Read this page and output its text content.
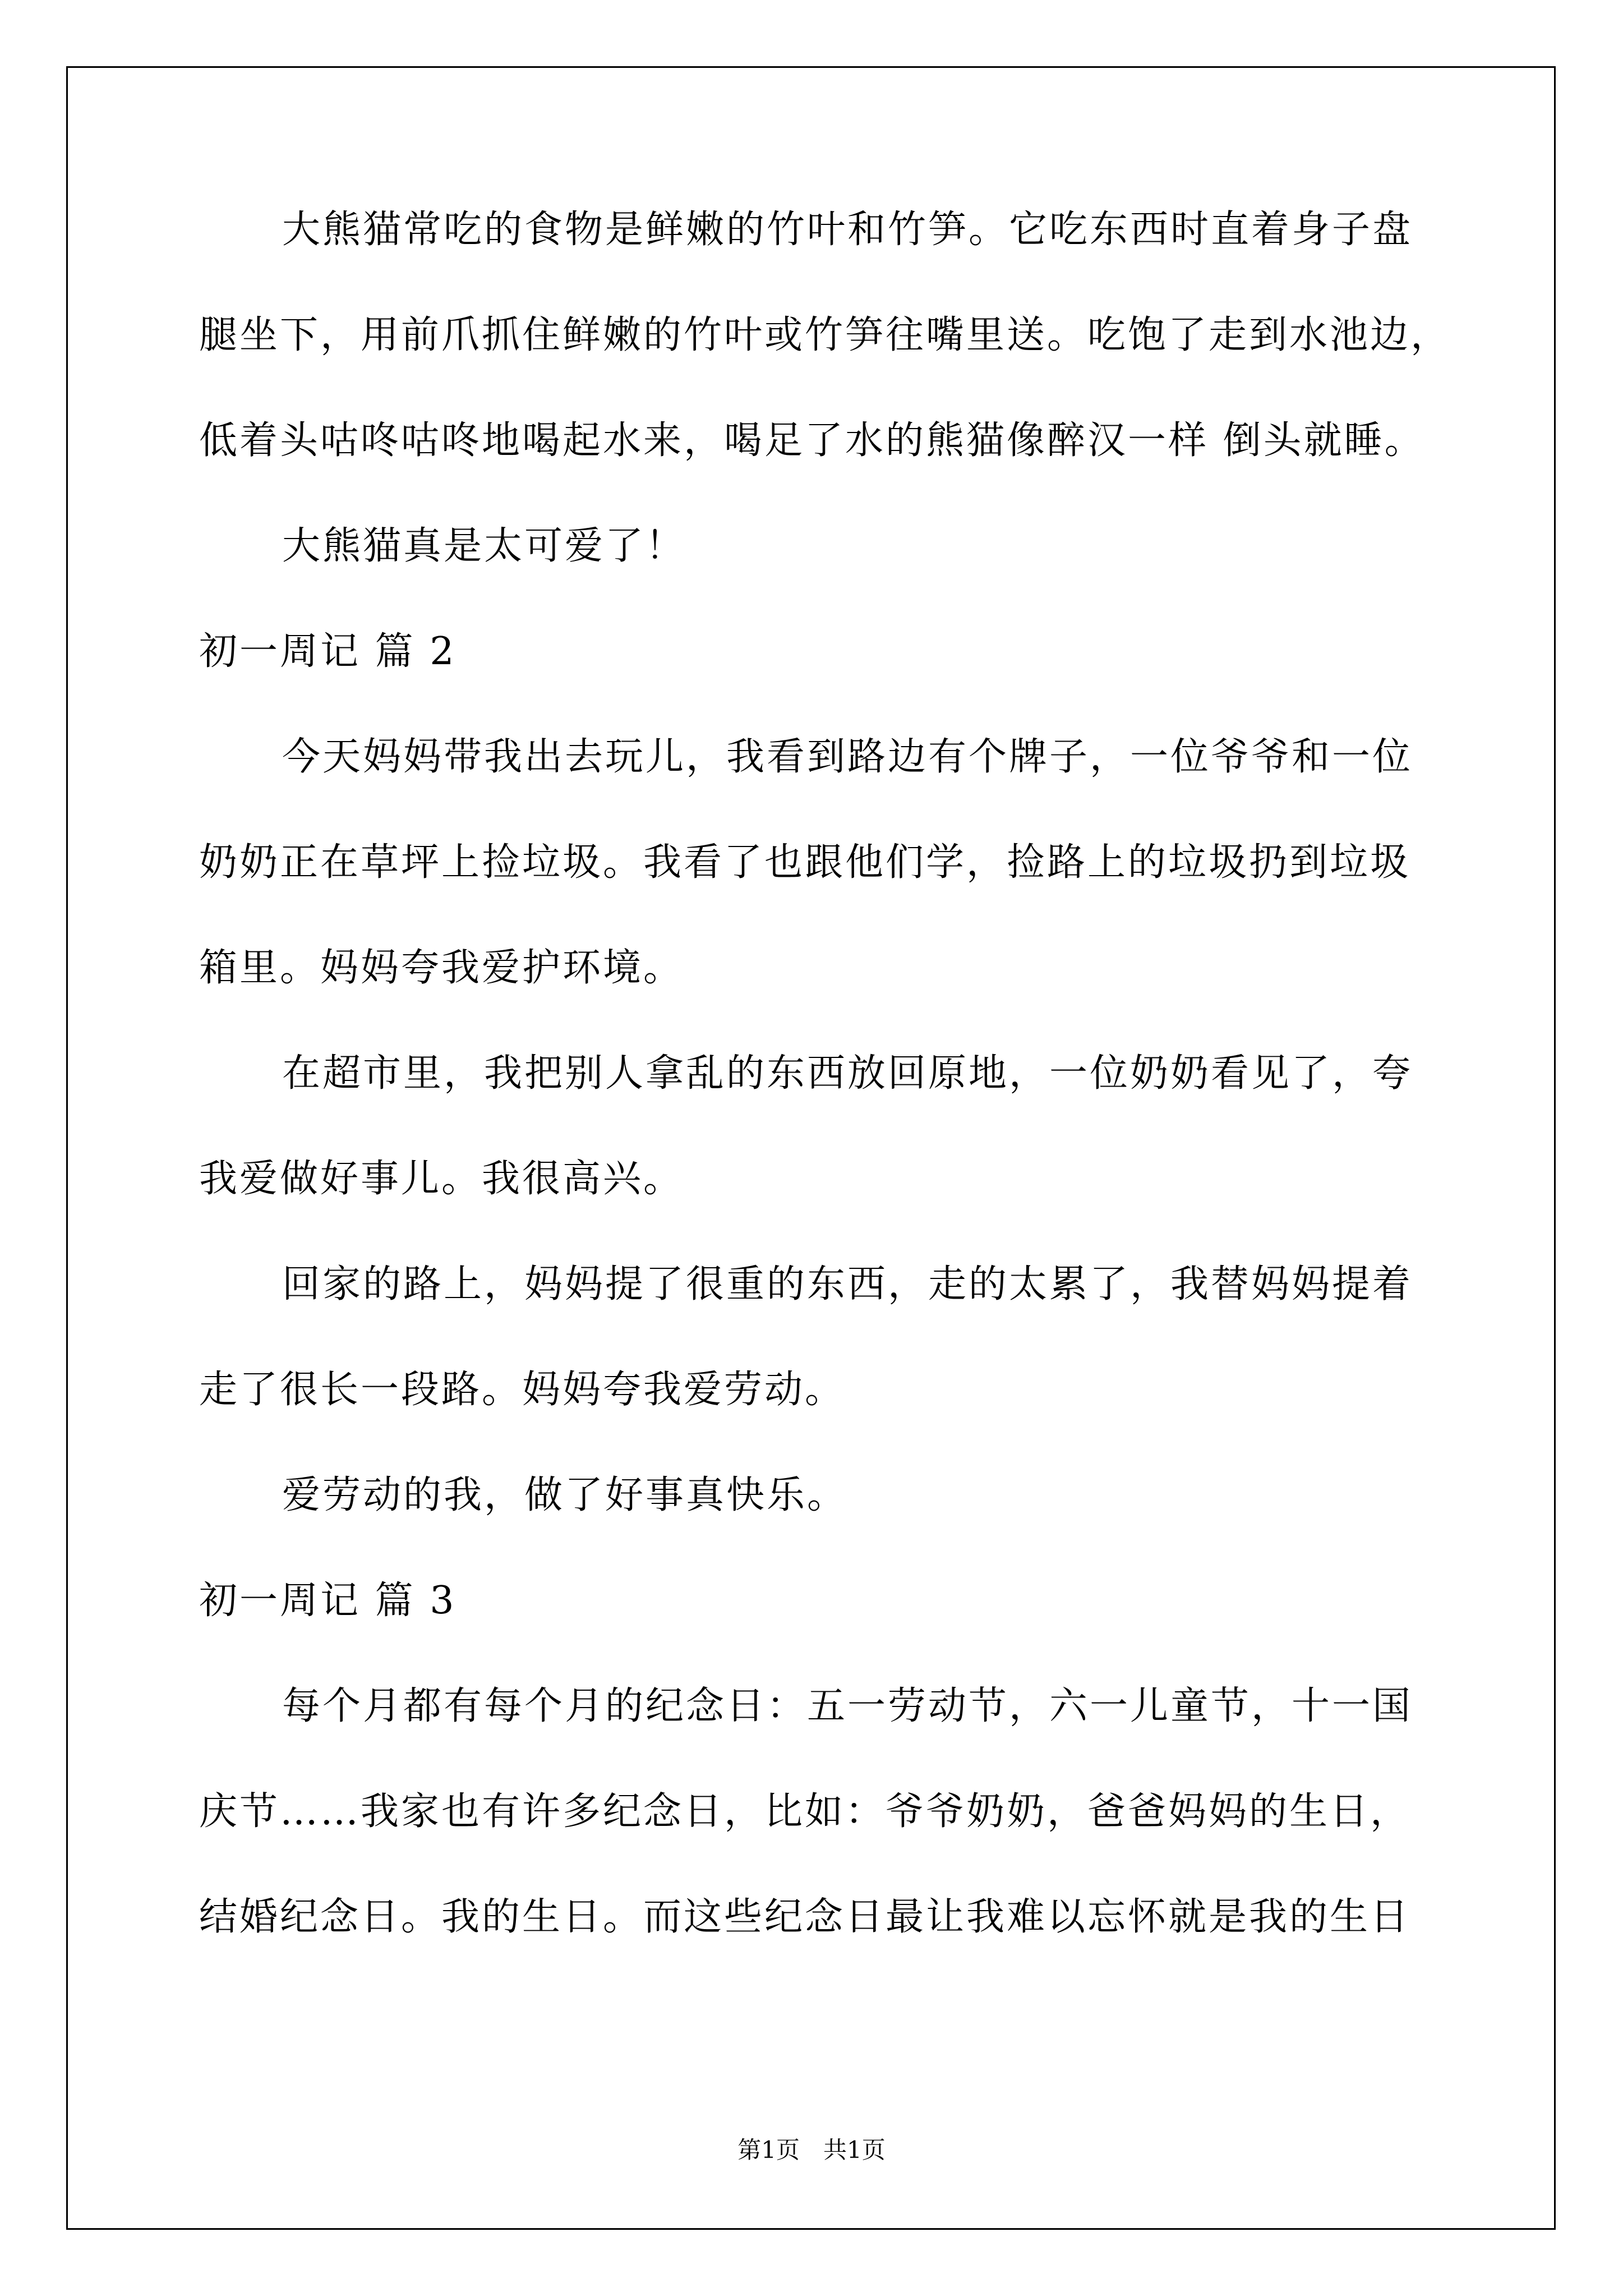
大熊猫常吃的食物是鲜嫩的竹叶和竹笋。它吃东西时直着身子盘
腿坐下，用前爪抓住鲜嫩的竹叶或竹笋往嘴里送。吃饱了走到水池边，
低着头咕咚咕咚地喝起水来，喝足了水的熊猫像醉汉一样 倒头就睡。
大熊猫真是太可爱了！
初一周记 篇 2
今天妈妈带我出去玩儿，我看到路边有个牌子，一位爷爷和一位
奶奶正在草坪上捡垃圾。我看了也跟他们学，捡路上的垃圾扔到垃圾
箱里。妈妈夸我爱护环境。
在超市里，我把别人拿乱的东西放回原地，一位奶奶看见了，夸
我爱做好事儿。我很高兴。
回家的路上，妈妈提了很重的东西，走的太累了，我替妈妈提着
走了很长一段路。妈妈夸我爱劳动。
爱劳动的我，做了好事真快乐。
初一周记 篇 3
每个月都有每个月的纪念日：五一劳动节，六一儿童节，十一国
庆节……我家也有许多纪念日，比如：爷爷奶奶，爸爸妈妈的生日，
结婚纪念日。我的生日。而这些纪念日最让我难以忘怀就是我的生日
第1页　共1页
